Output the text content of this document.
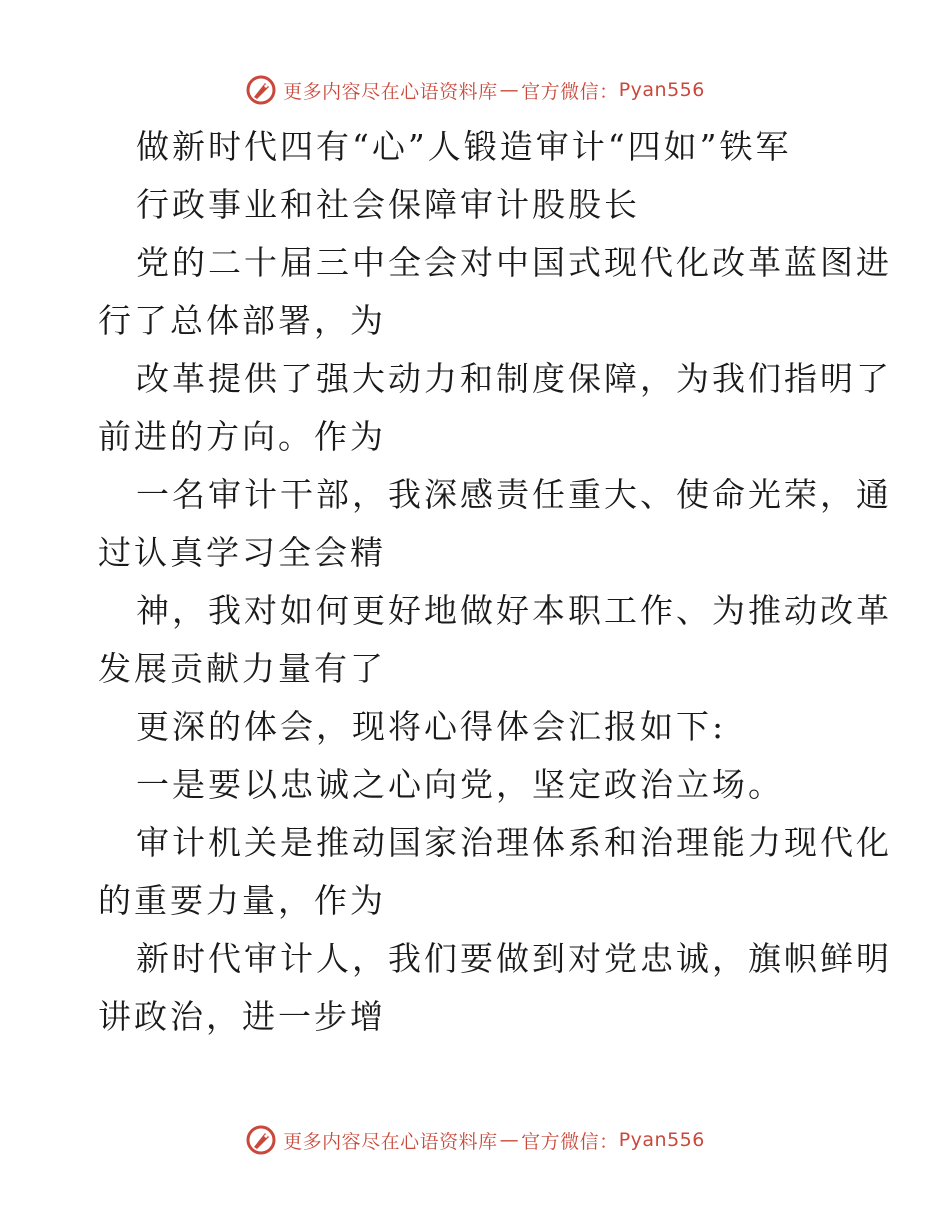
更多内容尽在心语资料库 — 官方微信 ： Pyan556

做新时代四有“心”人锻造审计“四如”铁军

行政事业和社会保障审计股股长

党的二十届三中全会对中国式现代化改革蓝图进

行了总体部署，为

改革提供了强大动力和制度保障，为我们指明了

前进的方向。作为

一名审计干部，我深感责任重大、使命光荣，通

过认真学习全会精

神，我对如何更好地做好本职工作、为推动改革

发展贡献力量有了

更深的体会，现将心得体会汇报如下:

一是要以忠诚之心向党，坚定政治立场。

审计机关是推动国家治理体系和治理能力现代化

的重要力量，作为

新时代审计人，我们要做到对党忠诚，旗帜鲜明

讲政治，进一步增

更多内容尽在心语资料库 — 官方微信 ： Pyan556
